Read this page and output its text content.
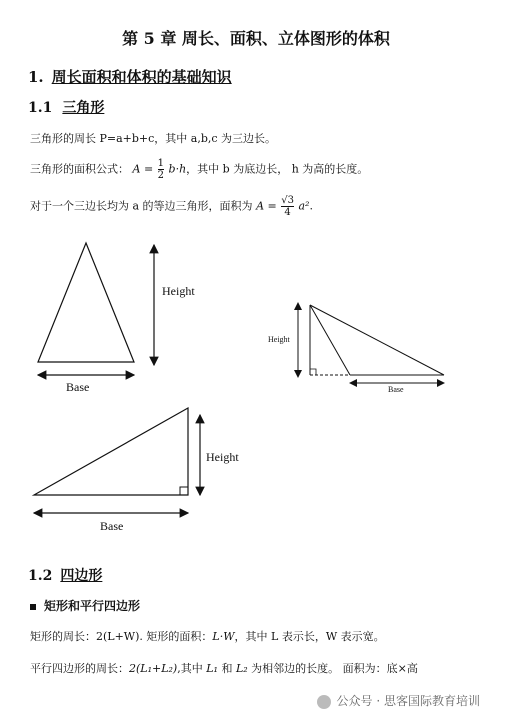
第 5 章 周长、面积、立体图形的体积
1. 周长面积和体积的基础知识
1.1 三角形
三角形的周长 P=a+b+c，其中 a,b,c 为三边长。
三角形的面积公式： $A = \frac{1}{2} b\cdot h$，其中 b 为底边长， h 为高的长度。
对于一个三边长均为 a 的等边三角形，面积为 $A = \frac{√3}{4} a^2$.
Height
Base
Height
Base
Height
Base
1.2 四边形
矩形和平行四边形
矩形的周长：2(L+W). 矩形的面积：L·W，其中 L 表示长，W 表示宽。
平行四边形的周长：2(L₁+L₂),其中 L₁ 和 L₂ 为相邻边的长度。 面积为：底×高
公众号 · 思客国际教育培训
